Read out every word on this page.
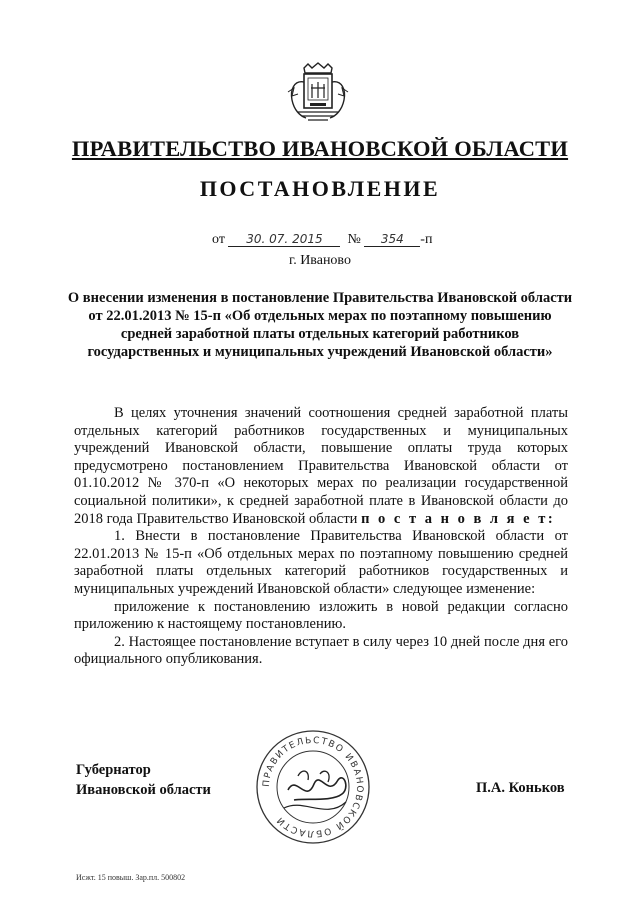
ПРАВИТЕЛЬСТВО ИВАНОВСКОЙ ОБЛАСТИ
ПОСТАНОВЛЕНИЕ
от 30. 07. 2015 № 354 -п
г. Иваново
О внесении изменения в постановление Правительства Ивановской области от 22.01.2013 № 15-п «Об отдельных мерах по поэтапному повышению средней заработной платы отдельных категорий работников государственных и муниципальных учреждений Ивановской области»

В целях уточнения значений соотношения средней заработной платы отдельных категорий работников государственных и муниципальных учреждений Ивановской области, повышение оплаты труда которых предусмотрено постановлением Правительства Ивановской области от 01.10.2012 № 370-п «О некоторых мерах по реализации государственной социальной политики», к средней заработной плате в Ивановской области до 2018 года Правительство Ивановской области п о с т а н о в л я е т:

1. Внести в постановление Правительства Ивановской области от 22.01.2013 № 15-п «Об отдельных мерах по поэтапному повышению средней заработной платы отдельных категорий работников государственных и муниципальных учреждений Ивановской области» следующее изменение:

приложение к постановлению изложить в новой редакции согласно приложению к настоящему постановлению.

2. Настоящее постановление вступает в силу через 10 дней после дня его официального опубликования.

Губернатор
Ивановской области	ПРАВИТЕЛЬСТВО ИВАНОВСКОЙ ОБЛАСТИ
П.А. Коньков
Исжт. 15 повыш. Зар.пл. 500802
